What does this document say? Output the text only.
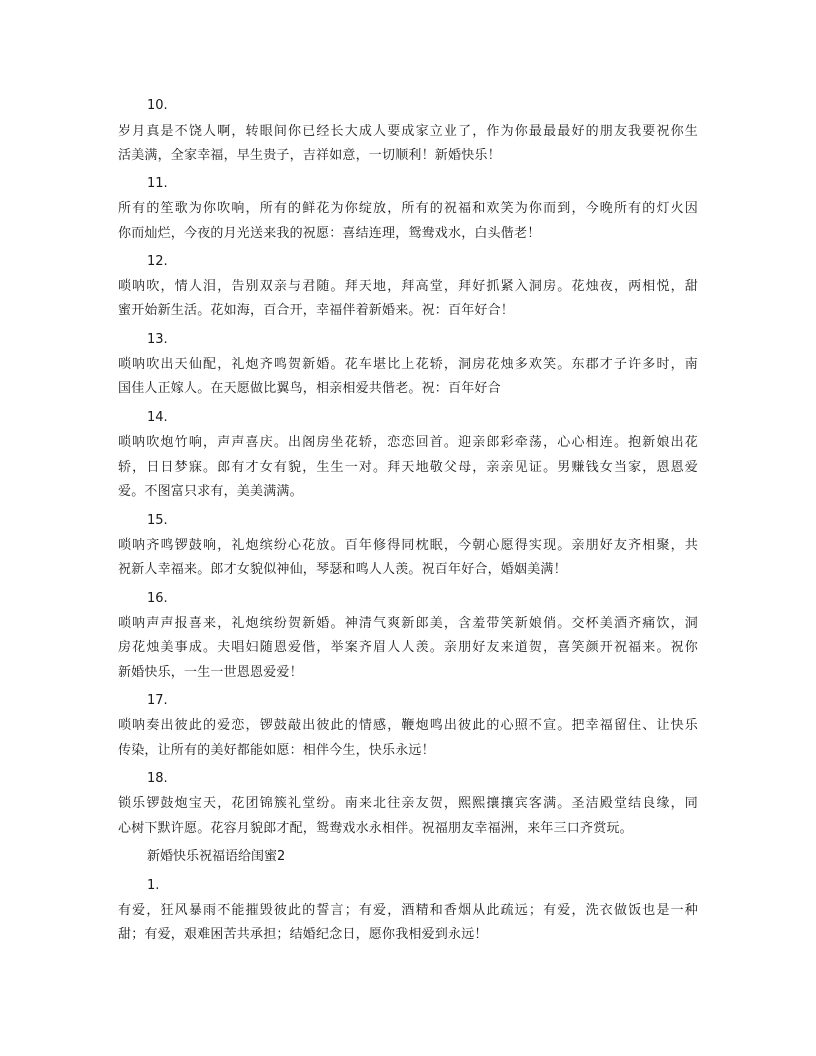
10.
岁月真是不饶人啊，转眼间你已经长大成人要成家立业了，作为你最最最好的朋友我要祝你生
活美满，全家幸福，早生贵子，吉祥如意，一切顺利！新婚快乐！
11.
所有的笙歌为你吹响，所有的鲜花为你绽放，所有的祝福和欢笑为你而到，今晚所有的灯火因
你而灿烂，今夜的月光送来我的祝愿：喜结连理，鸳鸯戏水，白头偕老！
12.
唢呐吹，情人泪，告别双亲与君随。拜天地，拜高堂，拜好抓紧入洞房。花烛夜，两相悦，甜
蜜开始新生活。花如海，百合开，幸福伴着新婚来。祝：百年好合！
13.
唢呐吹出天仙配，礼炮齐鸣贺新婚。花车堪比上花轿，洞房花烛多欢笑。东郡才子许多时，南
国佳人正嫁人。在天愿做比翼鸟，相亲相爱共偕老。祝：百年好合
14.
唢呐吹炮竹响，声声喜庆。出阁房坐花轿，恋恋回首。迎亲郎彩牵荡，心心相连。抱新娘出花
轿，日日梦寐。郎有才女有貌，生生一对。拜天地敬父母，亲亲见证。男赚钱女当家，恩恩爱
爱。不图富只求有，美美满满。
15.
唢呐齐鸣锣鼓响，礼炮缤纷心花放。百年修得同枕眠，今朝心愿得实现。亲朋好友齐相聚，共
祝新人幸福来。郎才女貌似神仙，琴瑟和鸣人人羡。祝百年好合，婚姻美满！
16.
唢呐声声报喜来，礼炮缤纷贺新婚。神清气爽新郎美，含羞带笑新娘俏。交杯美酒齐痛饮，洞
房花烛美事成。夫唱妇随恩爱偕，举案齐眉人人羡。亲朋好友来道贺，喜笑颜开祝福来。祝你
新婚快乐，一生一世恩恩爱爱！
17.
唢呐奏出彼此的爱恋，锣鼓敲出彼此的情感，鞭炮鸣出彼此的心照不宣。把幸福留住、让快乐
传染，让所有的美好都能如愿：相伴今生，快乐永远！
18.
锁乐锣鼓炮宝天，花团锦簇礼堂纷。南来北往亲友贺，熙熙攘攘宾客满。圣洁殿堂结良缘，同
心树下默许愿。花容月貌郎才配，鸳鸯戏水永相伴。祝福朋友幸福洲，来年三口齐赏玩。
新婚快乐祝福语给闺蜜2
1.
有爱，狂风暴雨不能摧毁彼此的誓言；有爱，酒精和香烟从此疏远；有爱，洗衣做饭也是一种
甜；有爱，艰难困苦共承担；结婚纪念日，愿你我相爱到永远！
